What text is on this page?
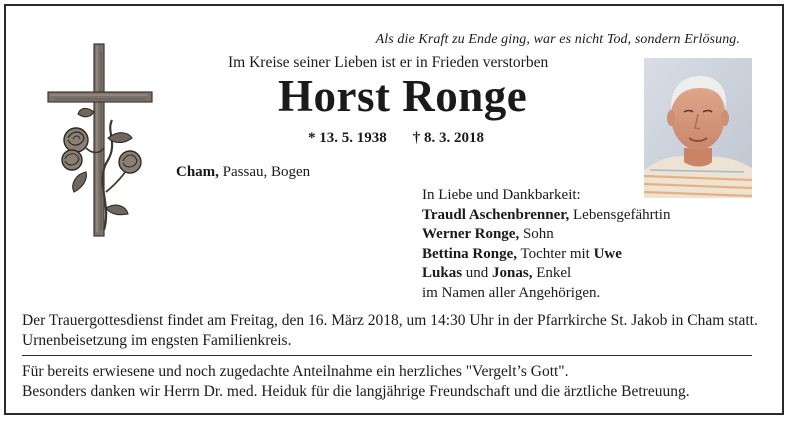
Als die Kraft zu Ende ging, war es nicht Tod, sondern Erlösung.
Im Kreise seiner Lieben ist er in Frieden verstorben
Horst Ronge
* 13. 5. 1938 † 8. 3. 2018
Cham, Passau, Bogen
In Liebe und Dankbarkeit:
Traudl Aschenbrenner, Lebensgefährtin
Werner Ronge, Sohn
Bettina Ronge, Tochter mit Uwe
Lukas und Jonas, Enkel
im Namen aller Angehörigen.
Der Trauergottesdienst findet am Freitag, den 16. März 2018, um 14:30 Uhr in der Pfarrkirche St. Jakob in Cham statt. Urnenbeisetzung im engsten Familienkreis.
Für bereits erwiesene und noch zugedachte Anteilnahme ein herzliches "Vergelt’s Gott".
Besonders danken wir Herrn Dr. med. Heiduk für die langjährige Freundschaft und die ärztliche Betreuung.
